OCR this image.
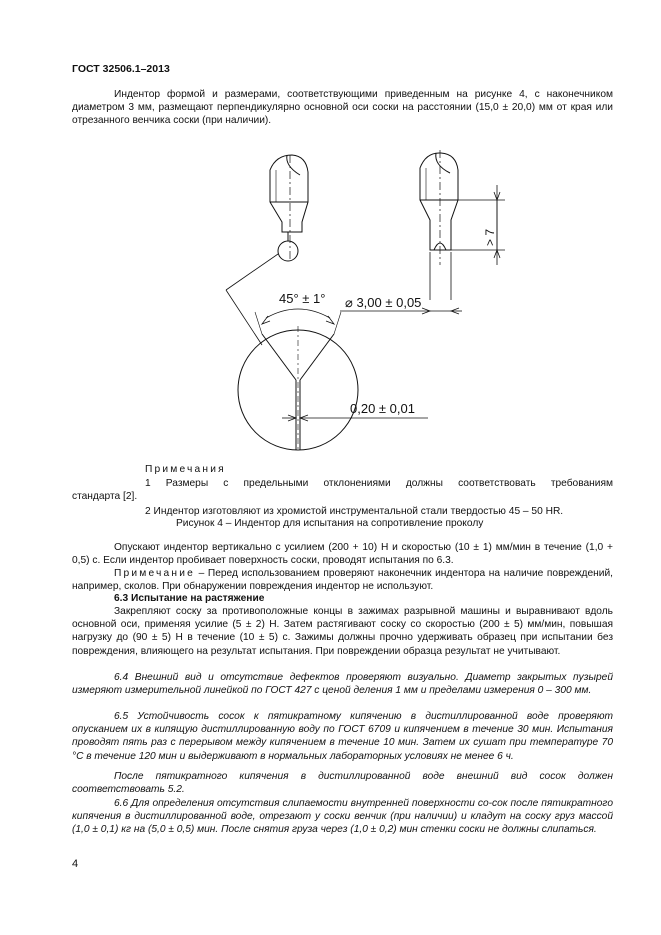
ГОСТ 32506.1–2013

Индентор формой и размерами, соответствующими приведенным на рисунке 4, с наконечником диаметром 3 мм, размещают перпендикулярно основной оси соски на расстоянии (15,0 ± 20,0) мм от края или отрезанного венчика соски (при наличии).

45° ± 1° ⌀ 3,00 ± 0,05
0,20 ± 0,01
> 7
Примечания

1 Размеры с предельными отклонениями должны соответствовать требованиям

стандарта [2].
2 Индентор изготовляют из хромистой инструментальной стали твердостью 45 – 50 HR.
Рисунок 4 – Индентор для испытания на сопротивление проколу

Опускают индентор вертикально с усилием (200 + 10) Н и скоростью (10 ± 1) мм/мин в течение (1,0 + 0,5) с. Если индентор пробивает поверхность соски, проводят испытания по 6.3.

Примечание – Перед использованием проверяют наконечник индентора на наличие повреждений, например, сколов. При обнаружении повреждения индентор не используют.

6.3 Испытание на растяжение

Закрепляют соску за противоположные концы в зажимах разрывной машины и выравнивают вдоль основной оси, применяя усилие (5 ± 2) Н. Затем растягивают соску со скоростью (200 ± 5) мм/мин, повышая нагрузку до (90 ± 5) Н в течение (10 ± 5) с. Зажимы должны прочно удерживать образец при испытании без повреждения, влияющего на результат испытания. При повреждении образца результат не учитывают.

6.4 Внешний вид и отсутствие дефектов проверяют визуально. Диаметр закрытых пузырей измеряют измерительной линейкой по ГОСТ 427 с ценой деления 1 мм и пределами измерения 0 – 300 мм.

6.5 Устойчивость сосок к пятикратному кипячению в дистиллированной воде проверяют опусканием их в кипящую дистиллированную воду по ГОСТ 6709 и кипячением в течение 30 мин. Испытания проводят пять раз с перерывом между кипячением в течение 10 мин. Затем их сушат при температуре 70 °С в течение 120 мин и выдерживают в нормальных лабораторных условиях не менее 6 ч.

После пятикратного кипячения в дистиллированной воде внешний вид сосок должен соответствовать 5.2.

6.6 Для определения отсутствия слипаемости внутренней поверхности со-сок после пятикратного кипячения в дистиллированной воде, отрезают у соски венчик (при наличии) и кладут на соску груз массой (1,0 ± 0,1) кг на (5,0 ± 0,5) мин. После снятия груза через (1,0 ± 0,2) мин стенки соски не должны слипаться.

4
